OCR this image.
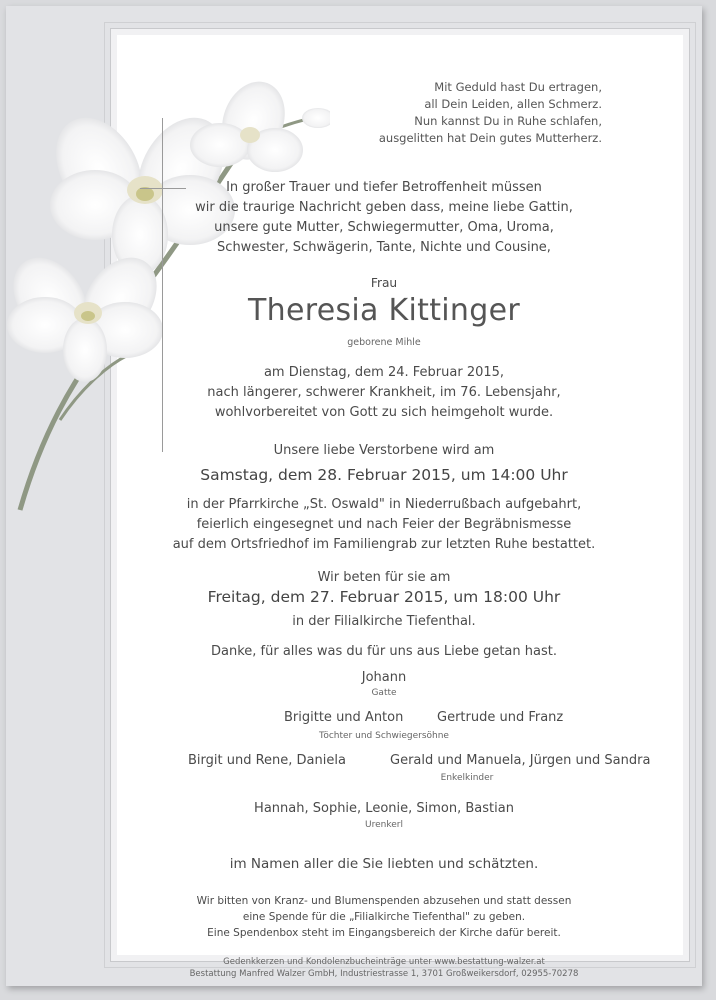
Mit Geduld hast Du ertragen,
all Dein Leiden, allen Schmerz.
Nun kannst Du in Ruhe schlafen,
ausgelitten hat Dein gutes Mutterherz.
In großer Trauer und tiefer Betroffenheit müssen
wir die traurige Nachricht geben dass, meine liebe Gattin,
unsere gute Mutter, Schwiegermutter, Oma, Uroma,
Schwester, Schwägerin, Tante, Nichte und Cousine,
Frau
Theresia Kittinger
geborene Mihle
am Dienstag, dem 24. Februar 2015,
nach längerer, schwerer Krankheit, im 76. Lebensjahr,
wohlvorbereitet von Gott zu sich heimgeholt wurde.
Unsere liebe Verstorbene wird am
Samstag, dem 28. Februar 2015, um 14:00 Uhr
in der Pfarrkirche „St. Oswald" in Niederrußbach aufgebahrt,
feierlich eingesegnet und nach Feier der Begräbnismesse
auf dem Ortsfriedhof im Familiengrab zur letzten Ruhe bestattet.
Wir beten für sie am
Freitag, dem 27. Februar 2015, um 18:00 Uhr
in der Filialkirche Tiefenthal.
Danke, für alles was du für uns aus Liebe getan hast.
Johann
Gatte
Brigitte und Anton	Gertrude und Franz
Töchter und Schwiegersöhne
Birgit und Rene, Daniela	Gerald und Manuela, Jürgen und Sandra
Enkelkinder
Hannah, Sophie, Leonie, Simon, Bastian
Urenkerl
im Namen aller die Sie liebten und schätzten.
Wir bitten von Kranz- und Blumenspenden abzusehen und statt dessen
eine Spende für die „Filialkirche Tiefenthal" zu geben.
Eine Spendenbox steht im Eingangsbereich der Kirche dafür bereit.
Gedenkkerzen und Kondolenzbucheinträge unter www.bestattung-walzer.at
Bestattung Manfred Walzer GmbH, Industriestrasse 1, 3701 Großweikersdorf, 02955-70278
